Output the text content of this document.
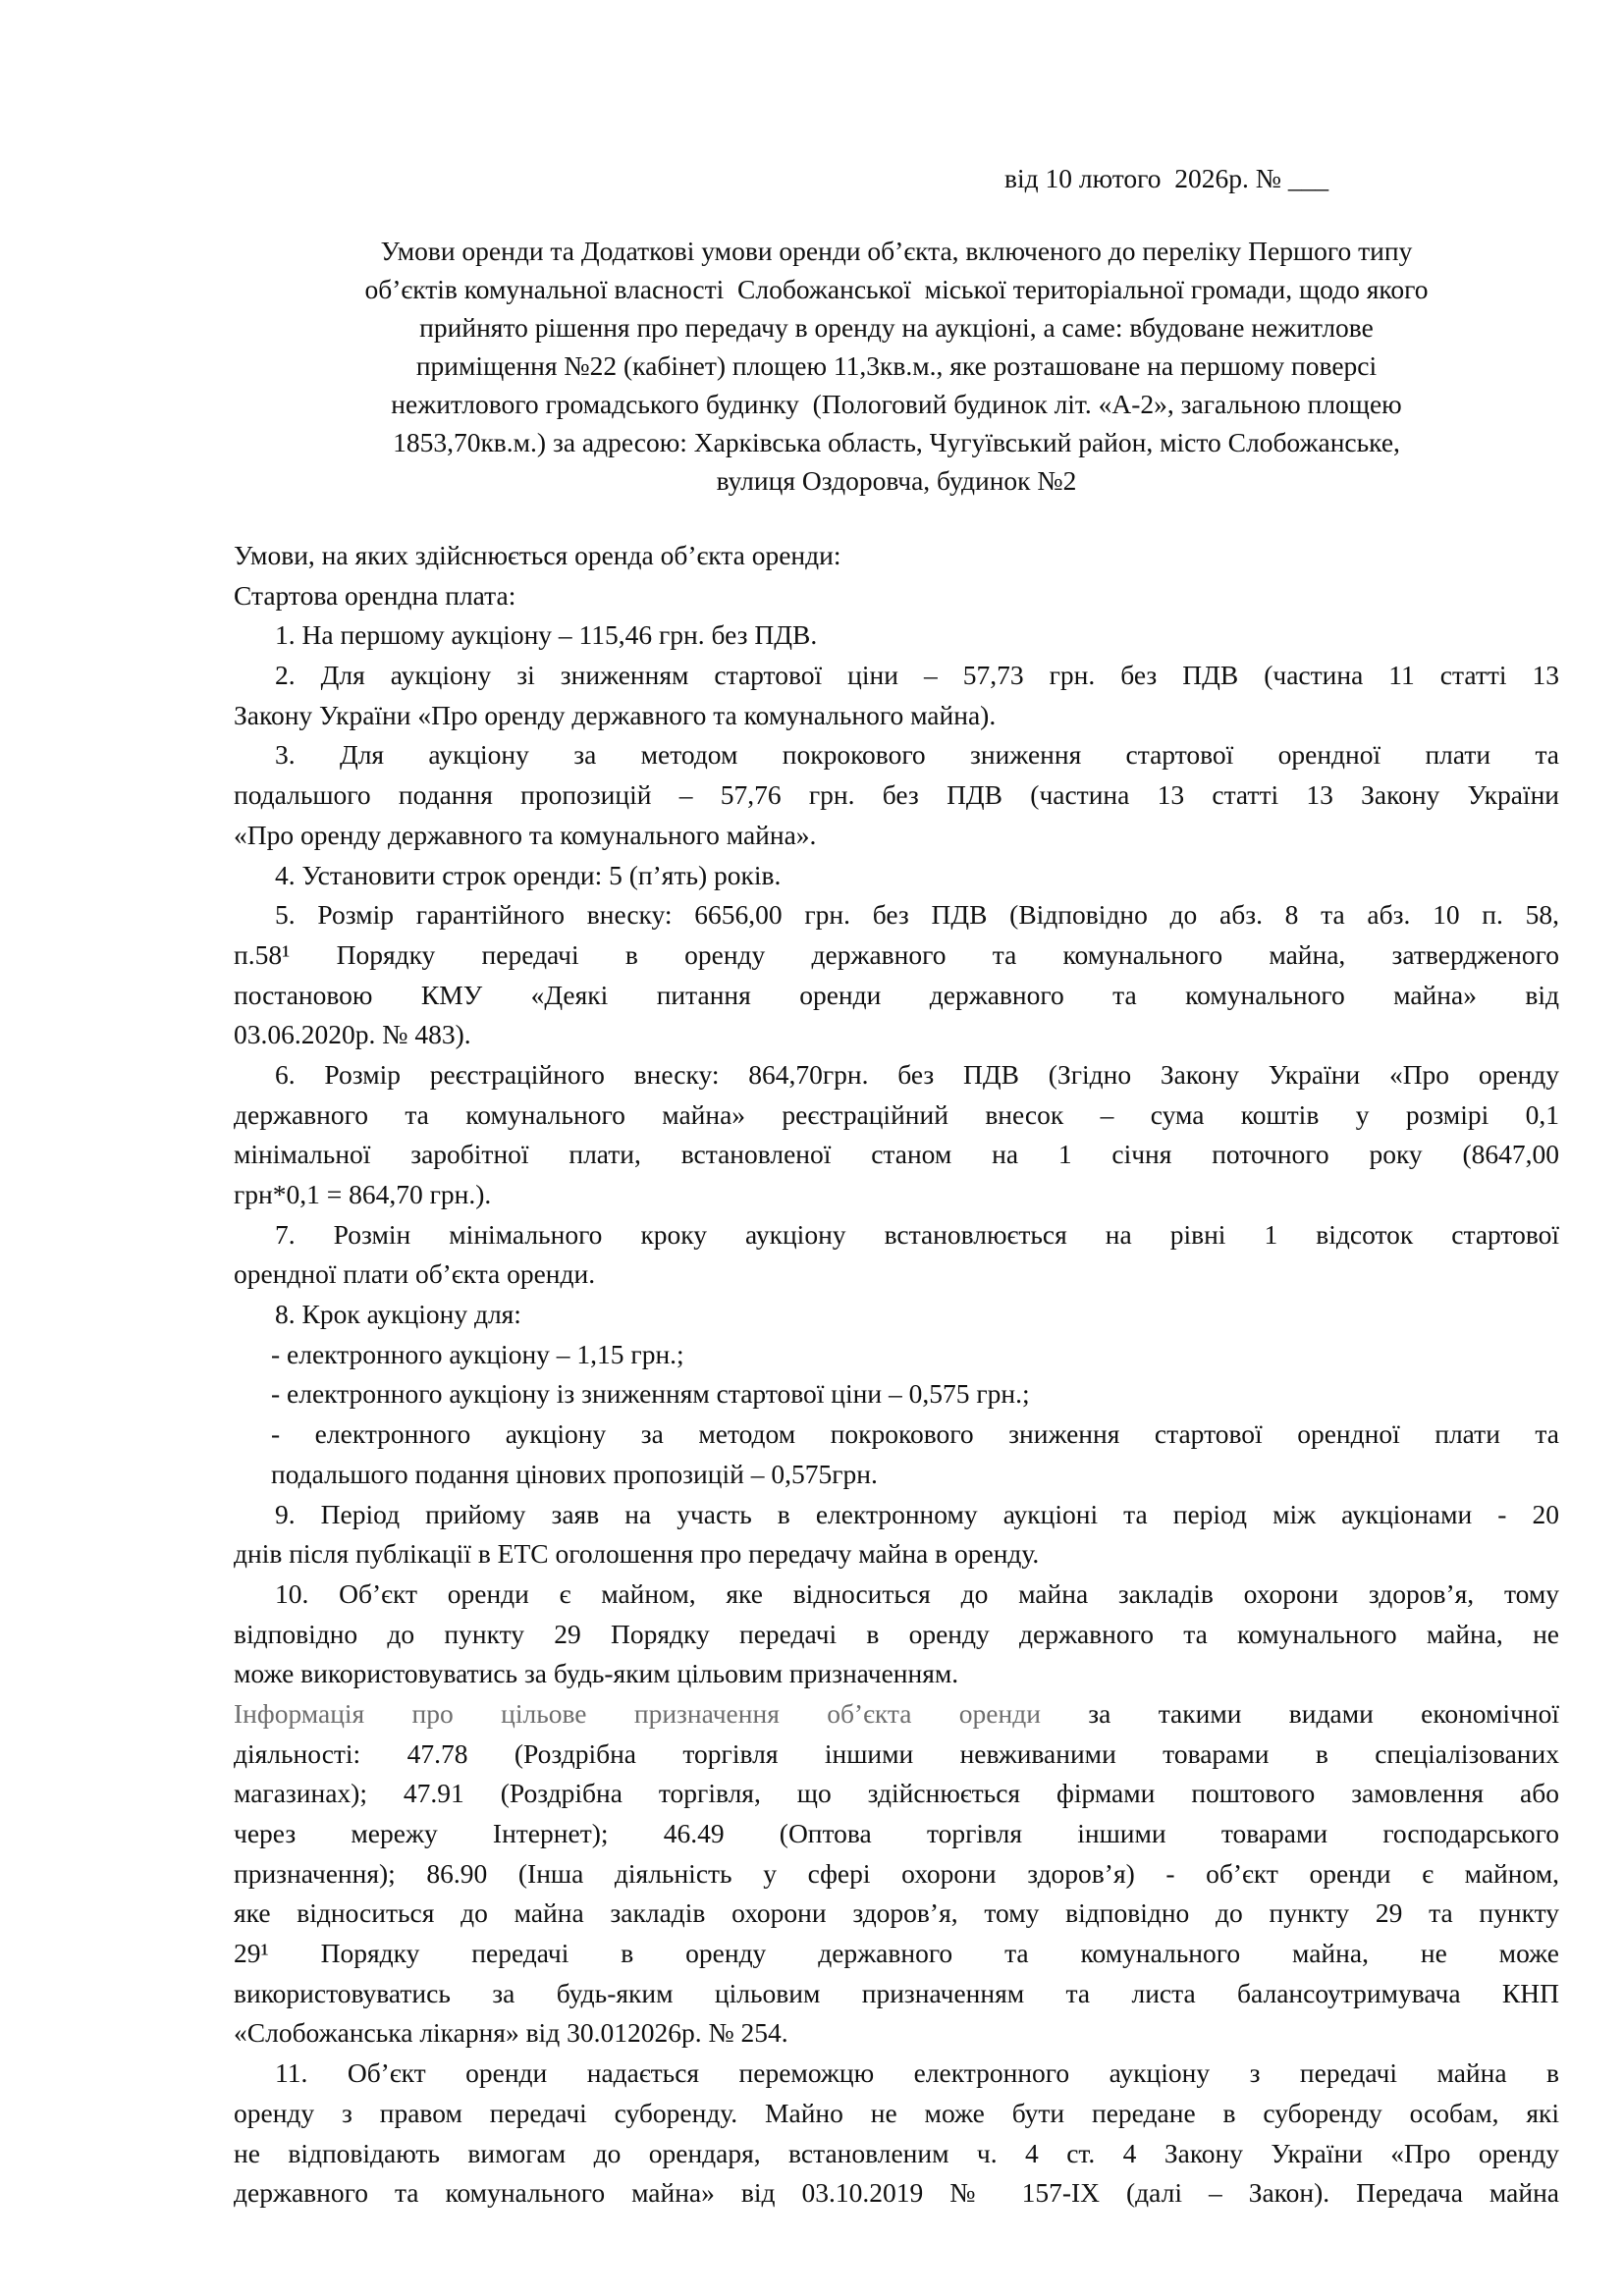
від 10 лютого  2026р. № ___
Умови оренди та Додаткові умови оренди об’єкта, включеного до переліку Першого типу
об’єктів комунальної власності  Слобожанської  міської територіальної громади, щодо якого
прийнято рішення про передачу в оренду на аукціоні, а саме: вбудоване нежитлове
приміщення №22 (кабінет) площею 11,3кв.м., яке розташоване на першому поверсі
нежитлового громадського будинку  (Пологовий будинок літ. «А-2», загальною площею
1853,70кв.м.) за адресою: Харківська область, Чугуївський район, місто Слобожанське,
вулиця Оздоровча, будинок №2
Умови, на яких здійснюється оренда об’єкта оренди:
Стартова орендна плата:
1. На першому аукціону – 115,46 грн. без ПДВ.
2. Для аукціону зі зниженням стартової ціни – 57,73 грн. без ПДВ (частина 11 статті 13
Закону України «Про оренду державного та комунального майна).
3. Для аукціону за методом покрокового зниження стартової орендної плати та
подальшого подання пропозицій – 57,76 грн. без ПДВ (частина 13 статті 13 Закону України
«Про оренду державного та комунального майна».
4. Установити строк оренди: 5 (п’ять) років.
5. Розмір гарантійного внеску: 6656,00 грн. без ПДВ (Відповідно до абз. 8 та абз. 10 п. 58,
п.58¹ Порядку передачі в оренду державного та комунального майна, затвердженого
постановою КМУ «Деякі питання оренди державного та комунального майна» від
03.06.2020р. № 483).
6. Розмір реєстраційного внеску: 864,70грн. без ПДВ (Згідно Закону України «Про оренду
державного та комунального майна» реєстраційний внесок – сума коштів у розмірі 0,1
мінімальної заробітної плати, встановленої станом на 1 січня поточного року (8647,00
грн*0,1 = 864,70 грн.).
7. Розмін мінімального кроку аукціону встановлюється на рівні 1 відсоток стартової
орендної плати об’єкта оренди.
8. Крок аукціону для:
- електронного аукціону – 1,15 грн.;
- електронного аукціону із зниженням стартової ціни – 0,575 грн.;
- електронного аукціону за методом покрокового зниження стартової орендної плати та
подальшого подання цінових пропозицій – 0,575грн.
9. Період прийому заяв на участь в електронному аукціоні та період між аукціонами - 20
днів після публікації в ЕТС оголошення про передачу майна в оренду.
10. Об’єкт оренди є майном, яке відноситься до майна закладів охорони здоров’я, тому
відповідно до пункту 29 Порядку передачі в оренду державного та комунального майна, не
може використовуватись за будь-яким цільовим призначенням.
Інформація про цільове призначення об’єкта оренди за такими видами економічної
діяльності: 47.78 (Роздрібна торгівля іншими невживаними товарами в спеціалізованих
магазинах); 47.91 (Роздрібна торгівля, що здійснюється фірмами поштового замовлення або
через мережу Інтернет); 46.49 (Оптова торгівля іншими товарами господарського
призначення); 86.90 (Інша діяльність у сфері охорони здоров’я) - об’єкт оренди є майном,
яке відноситься до майна закладів охорони здоров’я, тому відповідно до пункту 29 та пункту
29¹ Порядку передачі в оренду державного та комунального майна, не може
використовуватись за будь-яким цільовим призначенням та листа балансоутримувача КНП
«Слобожанська лікарня» від 30.012026р. № 254.
11. Об’єкт оренди надається переможцю електронного аукціону з передачі майна в
оренду з правом передачі суборенду. Майно не може бути передане в суборенду особам, які
не відповідають вимогам до орендаря, встановленим ч. 4 ст. 4 Закону України «Про оренду
державного та комунального майна» від 03.10.2019 № 157-IX (далі – Закон). Передача майна
